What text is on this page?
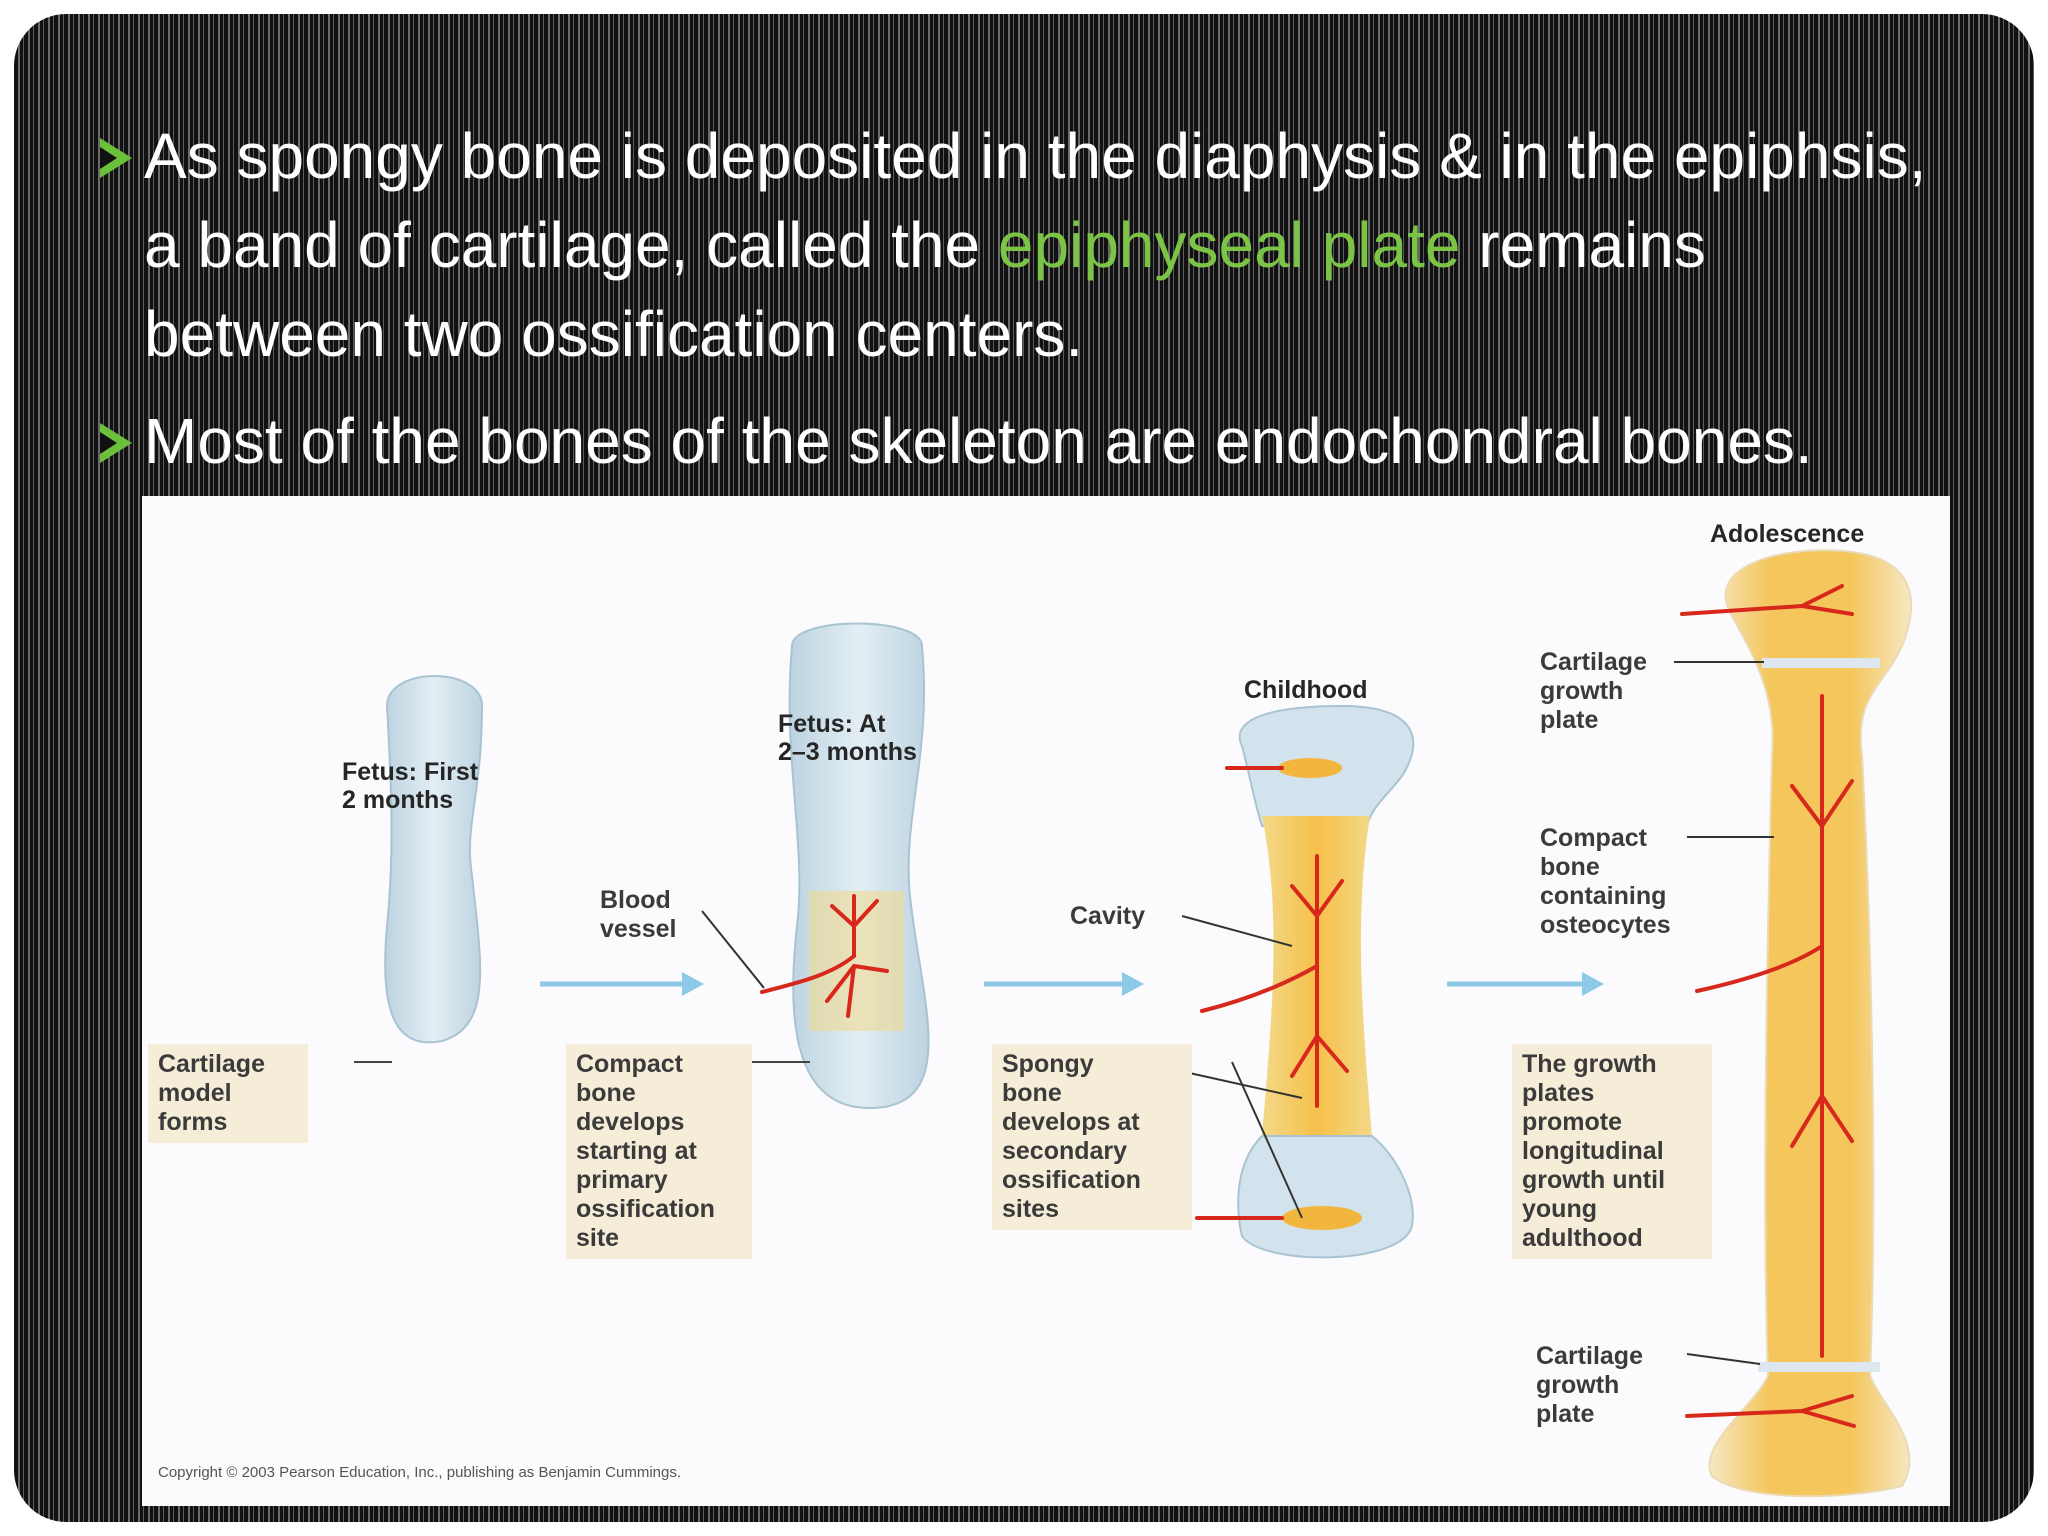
As spongy bone is deposited in the diaphysis & in the epiphsis, a band of cartilage, called the epiphyseal plate remains between two ossification centers.
Most of the bones of the skeleton are endochondral bones.
Fetus: First
2 months
Fetus: At
2–3 months
Childhood
Adolescence
Cartilage
model
forms
Blood
vessel
Compact
bone
develops
starting at
primary
ossification
site
Cavity
Spongy
bone
develops at
secondary
ossification
sites
Cartilage
growth
plate
Compact
bone
containing
osteocytes
The growth
plates
promote
longitudinal
growth until
young
adulthood
Cartilage
growth
plate
Copyright © 2003 Pearson Education, Inc., publishing as Benjamin Cummings.
